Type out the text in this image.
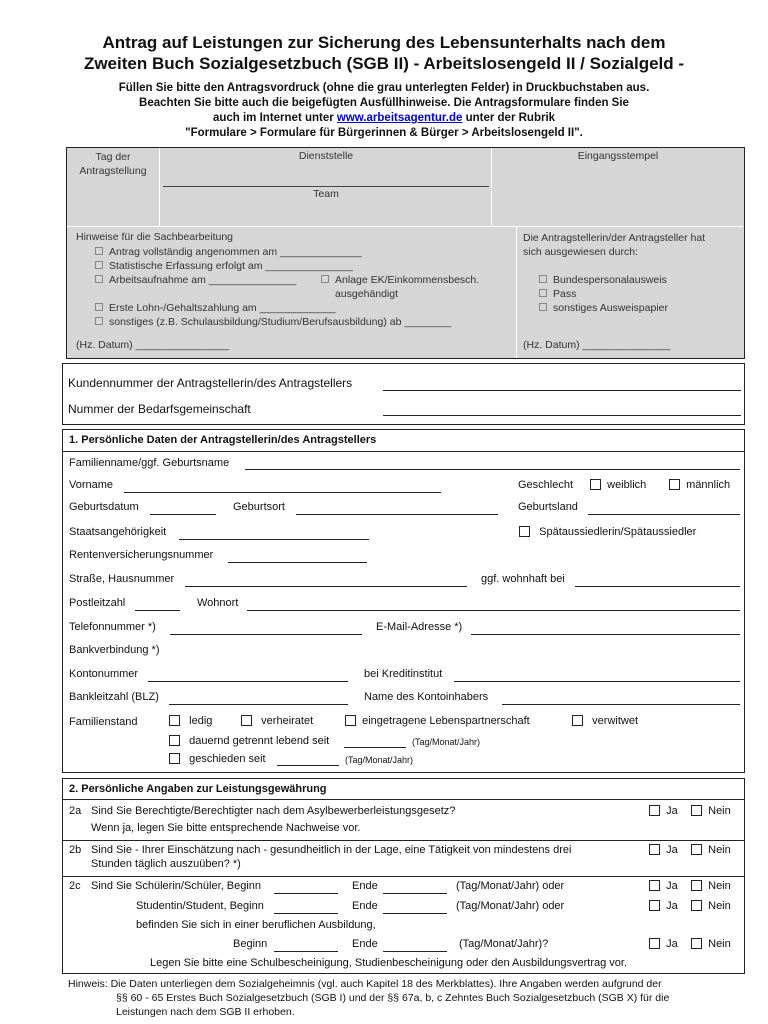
Antrag auf Leistungen zur Sicherung des Lebensunterhalts nach dem
Zweiten Buch Sozialgesetzbuch (SGB II) - Arbeitslosengeld II / Sozialgeld -
Füllen Sie bitte den Antragsvordruck (ohne die grau unterlegten Felder) in Druckbuchstaben aus.
Beachten Sie bitte auch die beigefügten Ausfüllhinweise. Die Antragsformulare finden Sie
auch im Internet unter www.arbeitsagentur.de unter der Rubrik
"Formulare > Formulare für Bürgerinnen & Bürger > Arbeitslosengeld II".
Tag der
Antragstellung
Dienststelle
Team
Eingangsstempel
Hinweise für die Sachbearbeitung
Antrag vollständig angenommen am ______________
Statistische Erfassung erfolgt am _______________
Arbeitsaufnahme am _______________	Anlage EK/Einkommensbesch.
ausgehändigt
Erste Lohn-/Gehaltszahlung am _____________
sonstiges (z.B. Schulausbildung/Studium/Berufsausbildung) ab ________
(Hz. Datum) ________________
Die Antragstellerin/der Antragsteller hat
sich ausgewiesen durch:
Bundespersonalausweis
Pass
sonstiges Ausweispapier
(Hz. Datum) _______________
Kundennummer der Antragstellerin/des Antragstellers
Nummer der Bedarfsgemeinschaft
1. Persönliche Daten der Antragstellerin/des Antragstellers
Familienname/ggf. Geburtsname
Vorname	Geschlecht	weiblich	männlich
Geburtsdatum	Geburtsort	Geburtsland
Staatsangehörigkeit	Spätaussiedlerin/Spätaussiedler
Rentenversicherungsnummer
Straße, Hausnummer	ggf. wohnhaft bei
Postleitzahl	Wohnort
Telefonnummer *)	E-Mail-Adresse *)
Bankverbindung *)
Kontonummer	bei Kreditinstitut
Bankleitzahl (BLZ)	Name des Kontoinhabers
Familienstand	ledig	verheiratet	eingetragene Lebenspartnerschaft	verwitwet
dauernd getrennt lebend seit	(Tag/Monat/Jahr)
geschieden seit	(Tag/Monat/Jahr)
2. Persönliche Angaben zur Leistungsgewährung
2a Sind Sie Berechtigte/Berechtigter nach dem Asylbewerberleistungsgesetz?
Wenn ja, legen Sie bitte entsprechende Nachweise vor.
Ja	Nein
2b Sind Sie - Ihrer Einschätzung nach - gesundheitlich in der Lage, eine Tätigkeit von mindestens drei
Stunden täglich auszuüben? *)
Ja	Nein
2c Sind Sie Schülerin/Schüler, Beginn	Ende	(Tag/Monat/Jahr) oder	Ja	Nein
Studentin/Student, Beginn	Ende	(Tag/Monat/Jahr) oder	Ja	Nein
befinden Sie sich in einer beruflichen Ausbildung,
Beginn	Ende	(Tag/Monat/Jahr)?	Ja	Nein
Legen Sie bitte eine Schulbescheinigung, Studienbescheinigung oder den Ausbildungsvertrag vor.
Hinweis: Die Daten unterliegen dem Sozialgeheimnis (vgl. auch Kapitel 18 des Merkblattes). Ihre Angaben werden aufgrund der
§§ 60 - 65 Erstes Buch Sozialgesetzbuch (SGB I) und der §§ 67a, b, c Zehntes Buch Sozialgesetzbuch (SGB X) für die
Leistungen nach dem SGB II erhoben.
